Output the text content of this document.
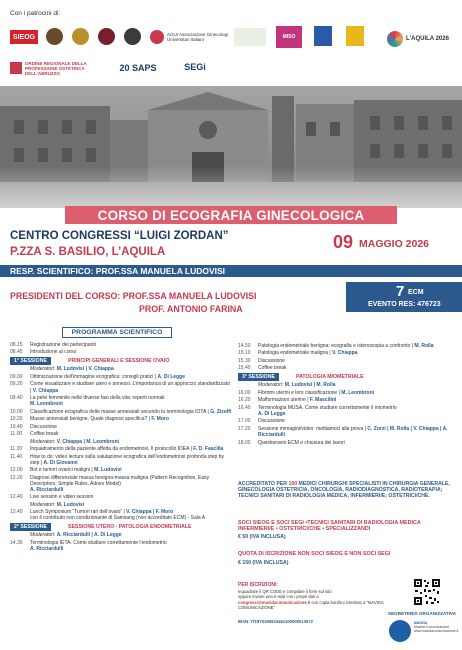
Con i patrocini di:
SIEOG	AGUI Associazione Ginecologi Universitari Italiani	MISO	L'AQUILA 2026
ORDINE REGIONALE DELLA PROFESSIONE OSTETRICA DELL'ABRUZZO	20 SAPS	SEGi
CORSO DI ECOGRAFIA GINECOLOGICA
CENTRO CONGRESSI “LUIGI ZORDAN”
P.ZZA S. BASILIO, L’AQUILA	09 MAGGIO 2026
RESP. SCIENTIFICO: PROF.SSA MANUELA LUDOVISI
PRESIDENTI DEL CORSO: PROF.SSA MANUELA LUDOVISI
PROF. ANTONIO FARINA
7 ECM
EVENTO RES: 476723
PROGRAMMA SCIENTIFICO
08.15 Registrazione dei partecipanti
08.45 Introduzione al corso
1° SESSIONE	PRINCIPI GENERALI E SESSIONE OVAIO
Moderatori: M. Ludovisi | V. Chiappa
09.00 Ottimizzazione dell’immagine ecografica: consigli pratici | A. Di Legge
09.20 Come visualizzare e studiare utero e annessi. L’importanza di un approccio standardizzato | V. Chiappa
09.40 La pelvi femminile nelle diverse fasi della vita: reperti normali
M. Leombroni
10.00 Classificazione ecografica delle masse annessiali secondo la terminologia IOTA | G. Zizolfi
10.20 Masse annessiali benigne. Quale diagnosi specifica? | F. Moro
10.40 Discussione
11.00 Coffee break
Moderatori: V. Chiappa | M. Leombroni
11.20 Inquadramento della paziente affetta da endometriosi. Il protocollo IDEA | F. D. Fascilla
11.40 How to do: video lecture sulla valutazione ecografica dell’endometriosi profonda step by step | A. Di Giovanni
12.00 Bot e tumori ovarici maligni | M. Ludovisi
12.20 Diagnosi differenziale massa benigna-massa maligna (Pattern Recognition, Easy Descriptors, Simple Rules, Adnex Model)
A. Ricciardulli
12.40 Live session e video session
Moderatori: M. Ludovisi
13.40 Lunch Symposium “Tumori rari dell’ovaio” | V. Chiappa | F. Moro
con il contributo non condizionante di Samsung (non accreditato ECM) - Sala A
2° SESSIONE	SESSIONE UTERO - PATOLOGIA ENDOMETRIALE
Moderatori: A. Ricciardulli | A. Di Legge
14.30 Terminologia IETA. Come studiare correttamente l’endometrio
A. Ricciardulli
14.50 Patologia endometriale benigna: ecografia e isteroscopia a confronto | M. Rolla
15.10 Patologia endometriale maligna | V. Chiappa
15.30 Discussione
15.40 Coffee break
3° SESSIONE	PATOLOGIA MIOMETRIALE
Moderatori: M. Ludovisi | M. Rolla
16.00 Fibromi uterini e loro classificazione | M. Leombroni
16.20 Malformazioni uterine | F. Mascilini
16.40 Terminologia MUSA. Come studiare correttamente il miometrio
A. Di Legge
17.00 Discussione
17.20 Sessione immagini/video: mettiamoci alla prova | C. Zorzi | M. Rolla | V. Chiappa | A. Ricciardulli
18.00 Questionario ECM e chiusura dei lavori
ACCREDITATO PER 100 MEDICI CHIRURGHI SPECIALISTI IN CHIRURGIA GENERALE, GINECOLOGIA OSTETRICIA, ONCOLOGIA, RADIODIAGNOSTICA, RADIOTERAPIA; TECNICI SANITARI DI RADIOLOGIA MEDICA; INFERMIERI/E; OSTETRICI/CHE.
SOCI SIEOG E SOCI SEGI •TECNICI SANITARI DI RADIOLOGIA MEDICA INFERMIERI/E • OSTETRICI/CHE • SPECIALIZZANDI
€ 50 (IVA INCLUSA)
QUOTA DI ISCRIZIONE NON SOCI SIEOG E NON SOCI SEGI
€ 150 (IVA INCLUSA)
PER ISCRIZIONI:
Inquadrare il QR CODE e compilare il form sul sito
oppure inviare una e-mail con i propri dati a
congressi@mavidacomunicazione.it con copia bonifico intestato a “MAVIDA COMUNICAZIONE”
IBAN: IT18Y0306915461100000013672
SEGRETERIA ORGANIZZATIVA
MAVIDA
Mavida Comunicazione www.mavidacomunicazione.it
